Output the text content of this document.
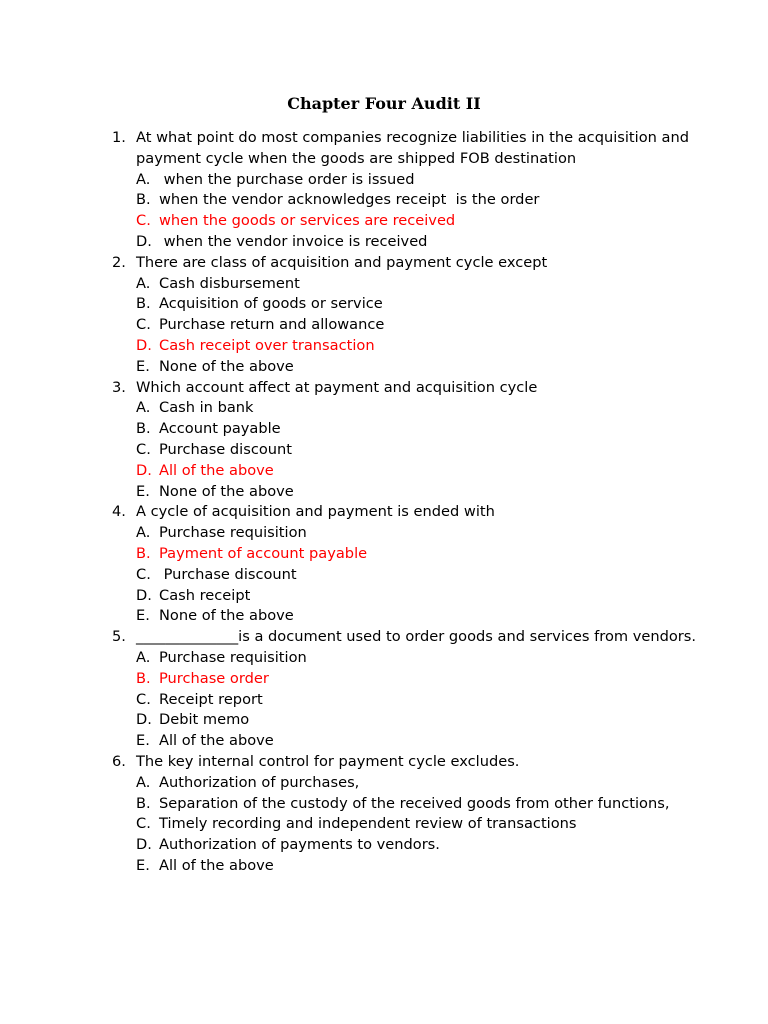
Chapter Four Audit II
1. At what point do most companies recognize liabilities in the acquisition and payment cycle when the goods are shipped FOB destination
A. when the purchase order is issued
B. when the vendor acknowledges receipt  is the order
C. when the goods or services are received
D. when the vendor invoice is received
2. There are class of acquisition and payment cycle except
A. Cash disbursement
B. Acquisition of goods or service
C. Purchase return and allowance
D. Cash receipt over transaction
E. None of the above
3. Which account affect at payment and acquisition cycle
A. Cash in bank
B. Account payable
C. Purchase discount
D. All of the above
E. None of the above
4. A cycle of acquisition and payment is ended with
A. Purchase requisition
B. Payment of account payable
C. Purchase discount
D. Cash receipt
E. None of the above
5. ______________is a document used to order goods and services from vendors.
A. Purchase requisition
B. Purchase order
C. Receipt report
D. Debit memo
E. All of the above
6. The key internal control for payment cycle excludes.
A. Authorization of purchases,
B. Separation of the custody of the received goods from other functions,
C. Timely recording and independent review of transactions
D. Authorization of payments to vendors.
E. All of the above
